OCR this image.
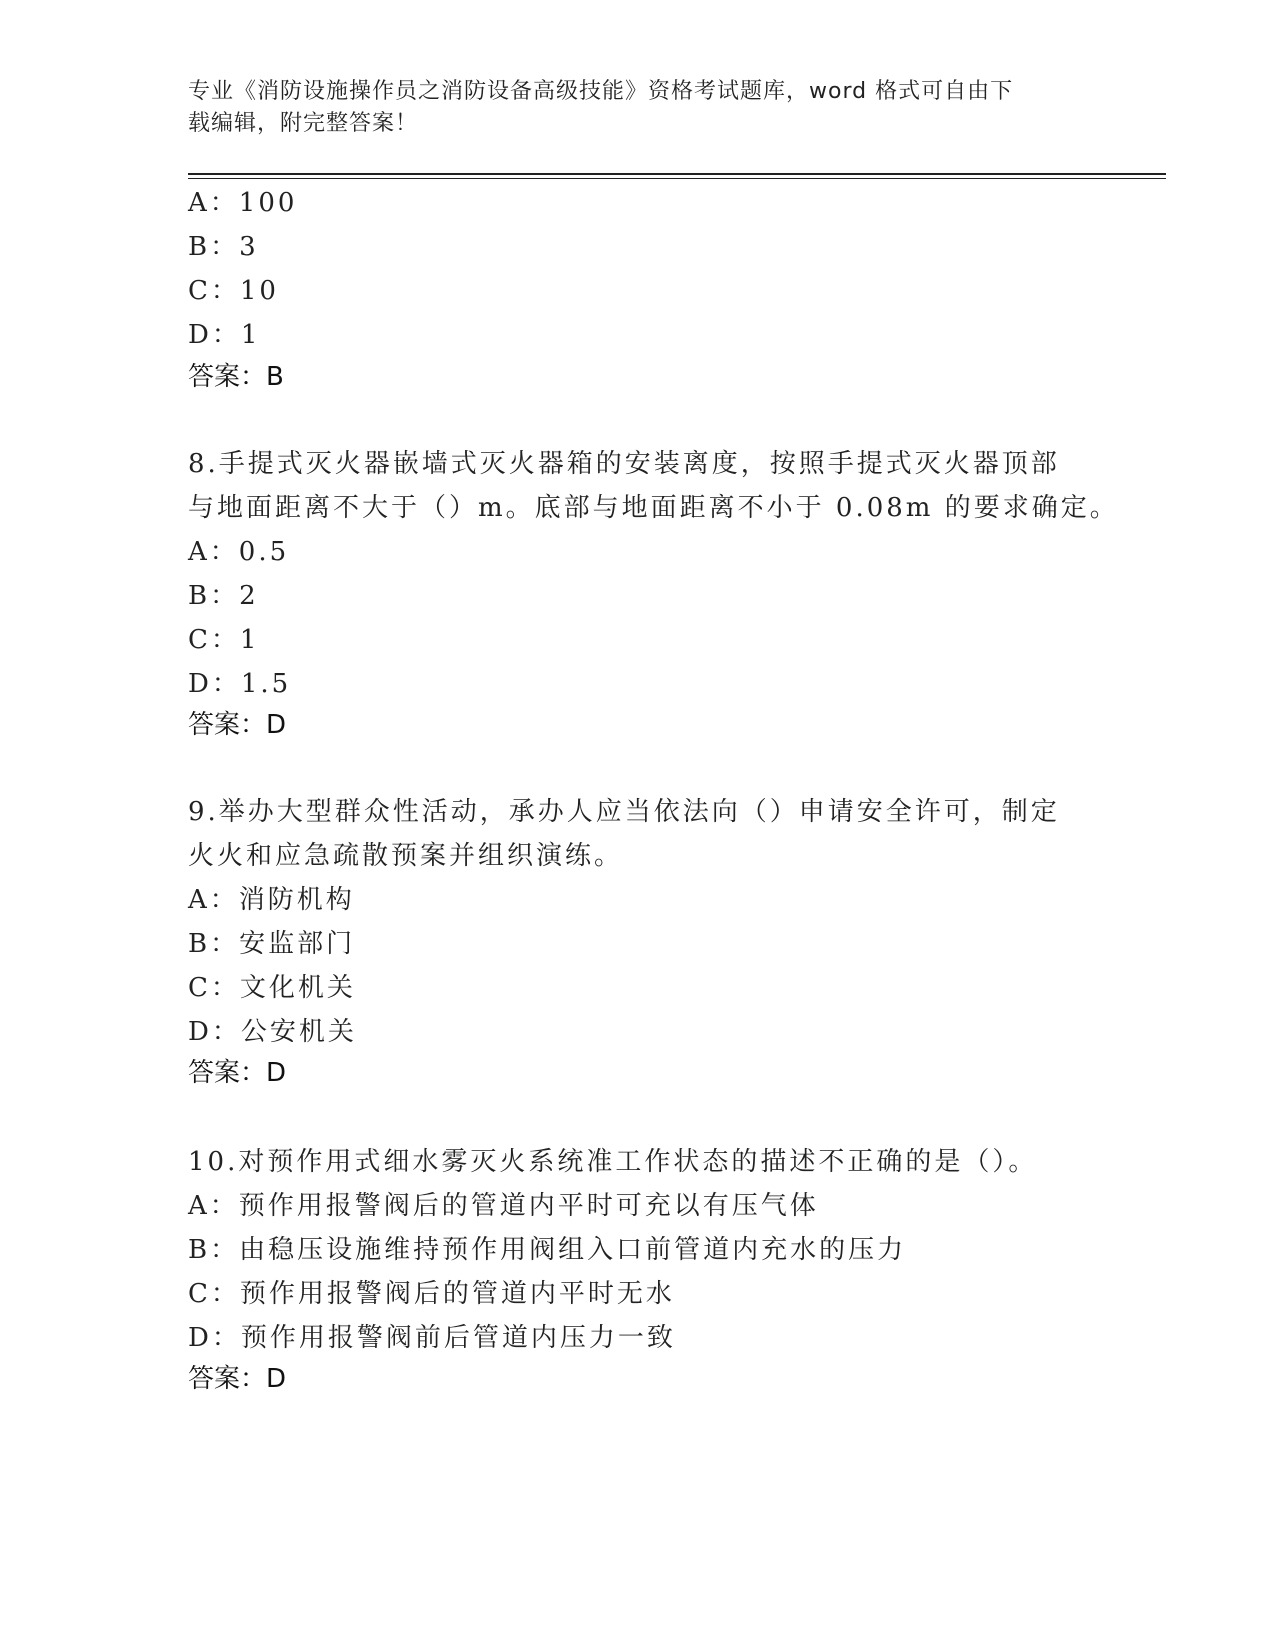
专业《消防设施操作员之消防设备高级技能》资格考试题库，word 格式可自由下
载编辑，附完整答案！
A：100
B：3
C：10
D：1
答案：B
8.手提式灭火器嵌墙式灭火器箱的安装离度，按照手提式灭火器顶部
与地面距离不大于（）m。底部与地面距离不小于 0.08m 的要求确定。
A：0.5
B：2
C：1
D：1.5
答案：D
9.举办大型群众性活动，承办人应当依法向（）申请安全许可，制定
火火和应急疏散预案并组织演练。
A：消防机构
B：安监部门
C：文化机关
D：公安机关
答案：D
10.对预作用式细水雾灭火系统准工作状态的描述不正确的是（）。
A：预作用报警阀后的管道内平时可充以有压气体
B：由稳压设施维持预作用阀组入口前管道内充水的压力
C：预作用报警阀后的管道内平时无水
D：预作用报警阀前后管道内压力一致
答案：D
